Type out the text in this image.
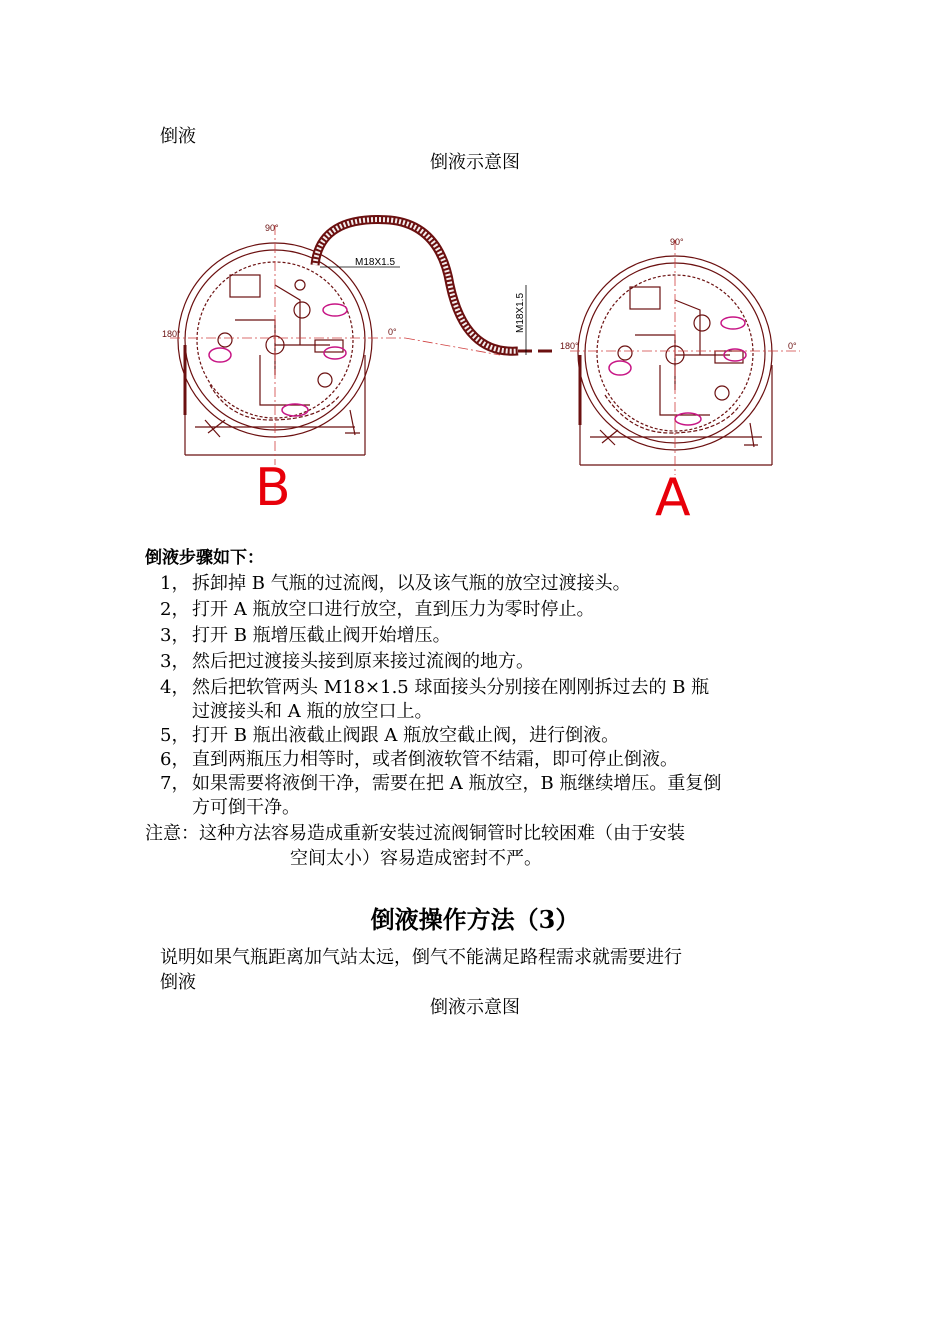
倒液
倒液示意图
90°
180°	0°
90°
180°	0°
M18X1.5
M18X1.5
B	A
倒液步骤如下：
1， 拆卸掉 B 气瓶的过流阀，以及该气瓶的放空过渡接头。
2， 打开 A 瓶放空口进行放空，直到压力为零时停止。
3， 打开 B 瓶增压截止阀开始增压。
3， 然后把过渡接头接到原来接过流阀的地方。
4， 然后把软管两头 M18×1.5 球面接头分别接在刚刚拆过去的 B 瓶
过渡接头和 A 瓶的放空口上。
5， 打开 B 瓶出液截止阀跟 A 瓶放空截止阀，进行倒液。
6， 直到两瓶压力相等时，或者倒液软管不结霜，即可停止倒液。
7， 如果需要将液倒干净，需要在把 A 瓶放空，B 瓶继续增压。重复倒
方可倒干净。
注意：这种方法容易造成重新安装过流阀铜管时比较困难（由于安装
空间太小）容易造成密封不严。
倒液操作方法（3）
说明如果气瓶距离加气站太远，倒气不能满足路程需求就需要进行
倒液
倒液示意图
